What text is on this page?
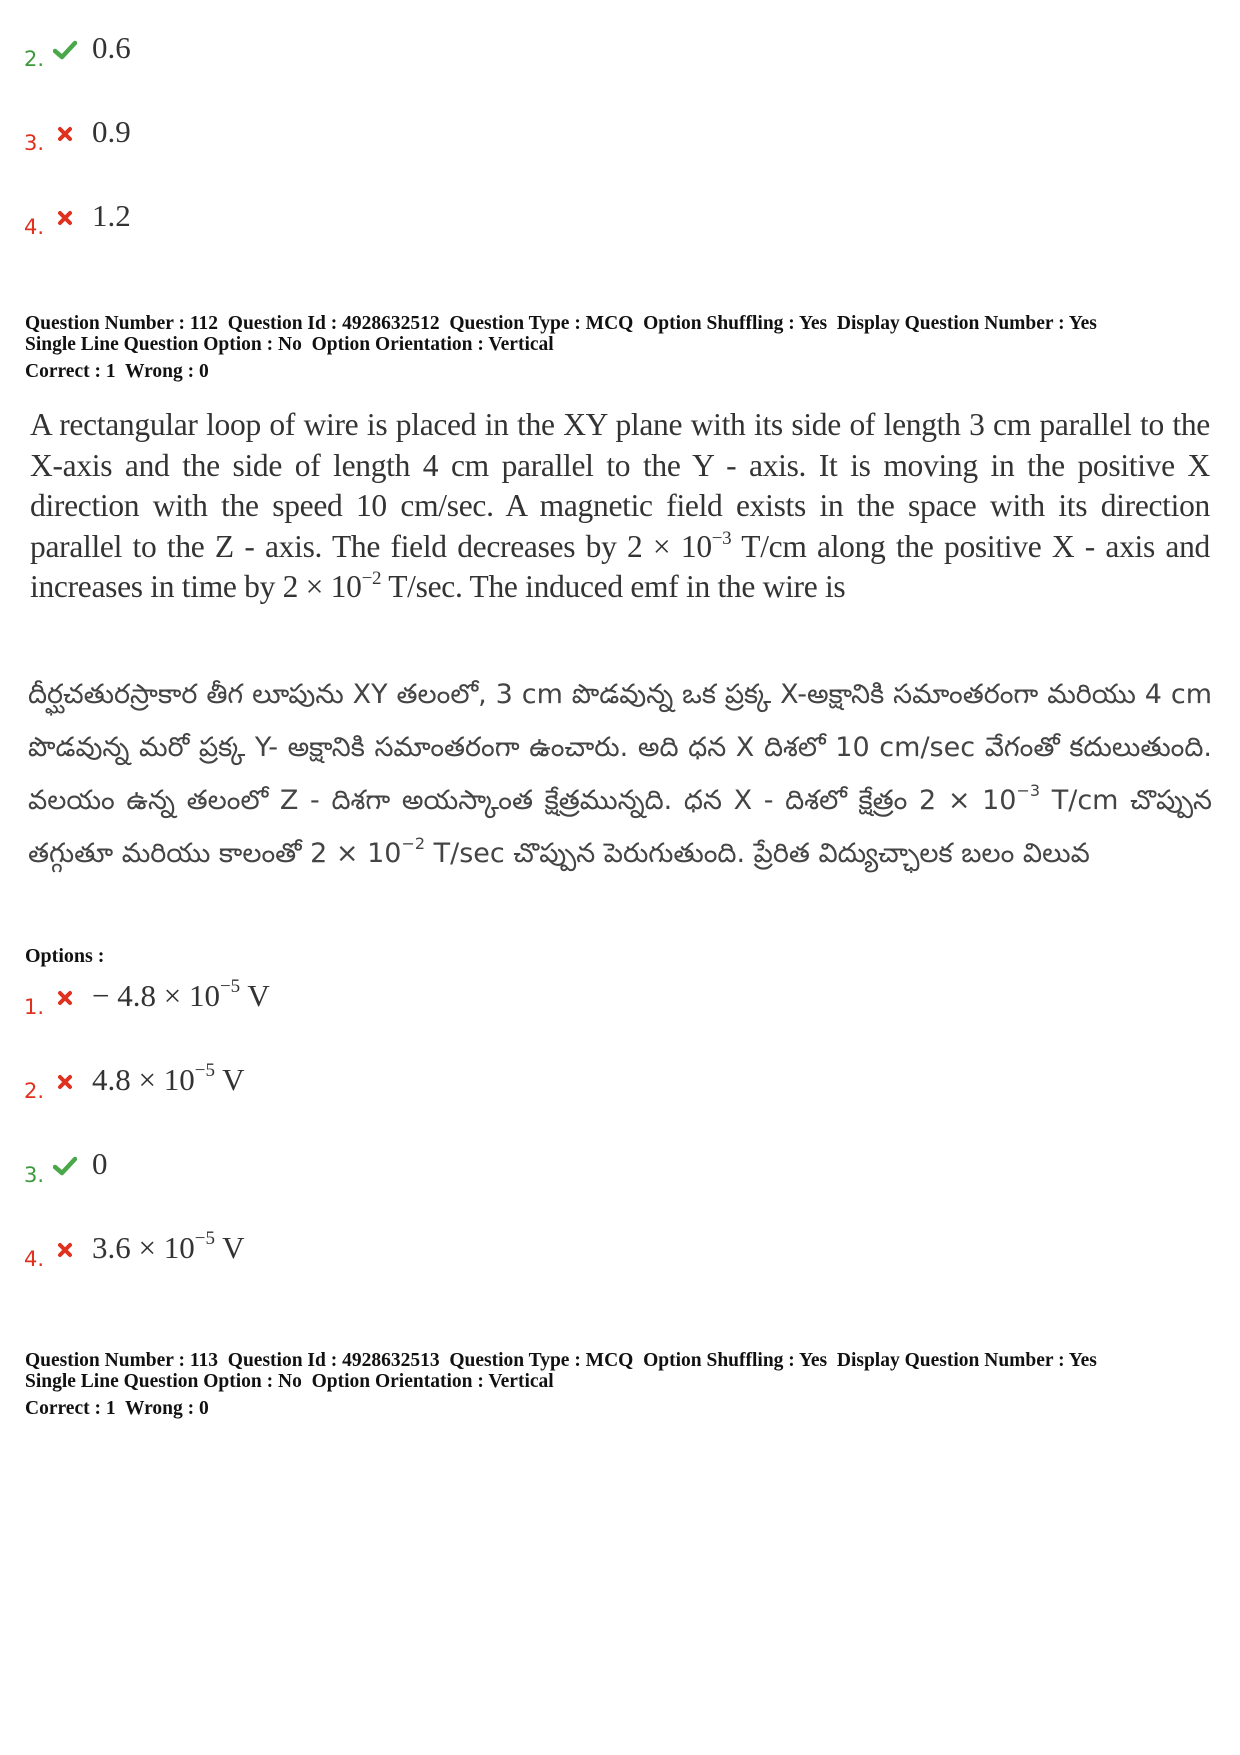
2. 0.6
3. 0.9
4. 1.2
Question Number : 112  Question Id : 4928632512  Question Type : MCQ  Option Shuffling : Yes  Display Question Number : Yes
Single Line Question Option : No  Option Orientation : Vertical
Correct : 1  Wrong : 0
A rectangular loop of wire is placed in the XY plane with its side of length 3 cm parallel to the X-axis and the side of length 4 cm parallel to the Y - axis. It is moving in the positive X direction with the speed 10 cm/sec. A magnetic field exists in the space with its direction parallel to the Z - axis. The field decreases by $2 \times 10^{-3}$ T/cm along the positive X - axis and increases in time by $2 \times 10^{-2}$ T/sec. The induced emf in the wire is
దీర్ఘచతురస్రాకార తీగ లూపును XY తలంలో, 3 cm పొడవున్న ఒక ప్రక్క X-అక్షానికి సమాంతరంగా మరియు 4 cm పొడవున్న మరో ప్రక్క Y- అక్షానికి సమాంతరంగా ఉంచారు. అది ధన X దిశలో 10 cm/sec వేగంతో కదులుతుంది. వలయం ఉన్న తలంలో Z - దిశగా అయస్కాంత క్షేత్రమున్నది. ధన X - దిశలో క్షేత్రం $2 \times 10^{-3}$ T/cm చొప్పున తగ్గుతూ మరియు కాలంతో $2 \times 10^{-2}$ T/sec చొప్పున పెరుగుతుంది. ప్రేరిత విద్యుచ్ఛాలక బలం విలువ
Options :
1. − $4.8 \times 10^{-5}$ V
2. $4.8 \times 10^{-5}$ V
3. 0
4. $3.6 \times 10^{-5}$ V
Question Number : 113  Question Id : 4928632513  Question Type : MCQ  Option Shuffling : Yes  Display Question Number : Yes
Single Line Question Option : No  Option Orientation : Vertical
Correct : 1  Wrong : 0
